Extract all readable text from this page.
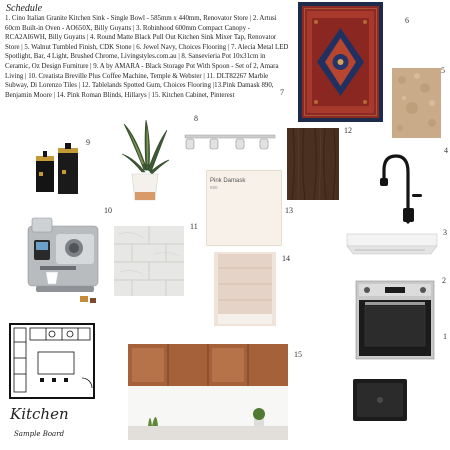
Schedule
1. Cino Italian Granite Kitchen Sink - Single Bowl - 585mm x 440mm, Renovator Store | 2. Artusi 60cm Built-in Oven - AO650X, Billy Guyatts | 3. Robinhood 600mm Compact Canopy - RCA2AI6WH, Billy Guyatts | 4. Round Matte Black Pull Out Kitchen Sink Mixer Tap, Renovator Store | 5. Walnut Tumbled Finish, CDK Stone | 6. Jewel Navy, Choices Flooring | 7. Alecia Metal LED Spotlight, Bar, 4 Light, Brushed Chrome, Livingstyles.com.au | 8. Sansevieria Pot 10x31cm in Ceramic, Oz Design Furniture | 9. A by AMARA - Black Storage Pot With Spoon - Set of 2, Amara Living | 10. Creatista Breville Plus Coffee Machine, Temple & Webster | 11. DLT82267 Marble Subway, Di Lorenzo Tiles | 12. Tablelands Spotted Gum, Choices Flooring |13.Pink Damask 890, Benjamin Moore | 14. Pink Roman Blinds, Hillarys | 15. Kitchen Cabinet, Pinterest
6
5
7
8
12
9
4
Pink Damask
890
13
10
11
3
14
2
15
1
Kitchen
Sample Board
